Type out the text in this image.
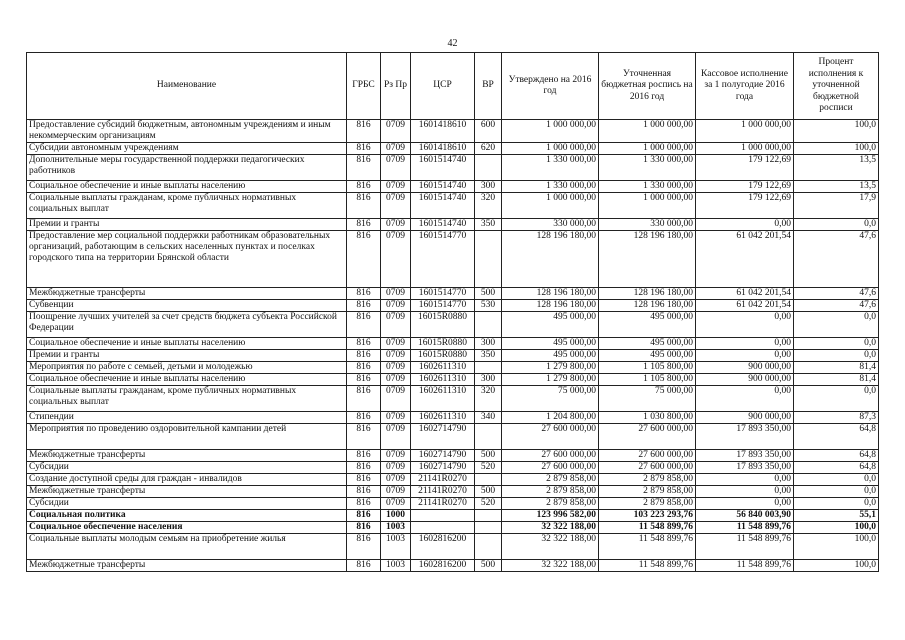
42
Наименование	ГРБС	Рз Пр	ЦСР	ВР	Утверждено на 2016 год	Уточненная бюджетная роспись на 2016 год	Кассовое исполнение за 1 полугодие 2016 года	Процент исполнения к уточненной бюджетной росписи
Предоставление субсидий бюджетным, автономным учреждениям и иным некоммерческим организациям	816	0709	1601418610	600	1 000 000,00	1 000 000,00	1 000 000,00	100,0
Субсидии автономным учреждениям	816	0709	1601418610	620	1 000 000,00	1 000 000,00	1 000 000,00	100,0
Дополнительные меры государственной поддержки педагогических работников	816	0709	1601514740		1 330 000,00	1 330 000,00	179 122,69	13,5
Социальное обеспечение и иные выплаты населению	816	0709	1601514740	300	1 330 000,00	1 330 000,00	179 122,69	13,5
Социальные выплаты гражданам, кроме публичных нормативных социальных выплат	816	0709	1601514740	320	1 000 000,00	1 000 000,00	179 122,69	17,9
Премии и гранты	816	0709	1601514740	350	330 000,00	330 000,00	0,00	0,0
Предоставление мер социальной поддержки работникам образовательных организаций, работающим в сельских населенных пунктах и поселках городского типа на территории Брянской области	816	0709	1601514770		128 196 180,00	128 196 180,00	61 042 201,54	47,6
Межбюджетные трансферты	816	0709	1601514770	500	128 196 180,00	128 196 180,00	61 042 201,54	47,6
Субвенции	816	0709	1601514770	530	128 196 180,00	128 196 180,00	61 042 201,54	47,6
Поощрение лучших учителей за счет средств бюджета субъекта Российской Федерации	816	0709	16015R0880		495 000,00	495 000,00	0,00	0,0
Социальное обеспечение и иные выплаты населению	816	0709	16015R0880	300	495 000,00	495 000,00	0,00	0,0
Премии и гранты	816	0709	16015R0880	350	495 000,00	495 000,00	0,00	0,0
Мероприятия по работе с семьей, детьми и молодежью	816	0709	1602611310		1 279 800,00	1 105 800,00	900 000,00	81,4
Социальное обеспечение и иные выплаты населению	816	0709	1602611310	300	1 279 800,00	1 105 800,00	900 000,00	81,4
Социальные выплаты гражданам, кроме публичных нормативных социальных выплат	816	0709	1602611310	320	75 000,00	75 000,00	0,00	0,0
Стипендии	816	0709	1602611310	340	1 204 800,00	1 030 800,00	900 000,00	87,3
Мероприятия по проведению оздоровительной кампании детей	816	0709	1602714790		27 600 000,00	27 600 000,00	17 893 350,00	64,8
Межбюджетные трансферты	816	0709	1602714790	500	27 600 000,00	27 600 000,00	17 893 350,00	64,8
Субсидии	816	0709	1602714790	520	27 600 000,00	27 600 000,00	17 893 350,00	64,8
Создание доступной среды для граждан - инвалидов	816	0709	21141R0270		2 879 858,00	2 879 858,00	0,00	0,0
Межбюджетные трансферты	816	0709	21141R0270	500	2 879 858,00	2 879 858,00	0,00	0,0
Субсидии	816	0709	21141R0270	520	2 879 858,00	2 879 858,00	0,00	0,0
Социальная политика	816	1000			123 996 582,00	103 223 293,76	56 840 003,90	55,1
Социальное обеспечение населения	816	1003			32 322 188,00	11 548 899,76	11 548 899,76	100,0
Социальные выплаты молодым семьям на приобретение жилья	816	1003	1602816200		32 322 188,00	11 548 899,76	11 548 899,76	100,0
Межбюджетные трансферты	816	1003	1602816200	500	32 322 188,00	11 548 899,76	11 548 899,76	100,0
